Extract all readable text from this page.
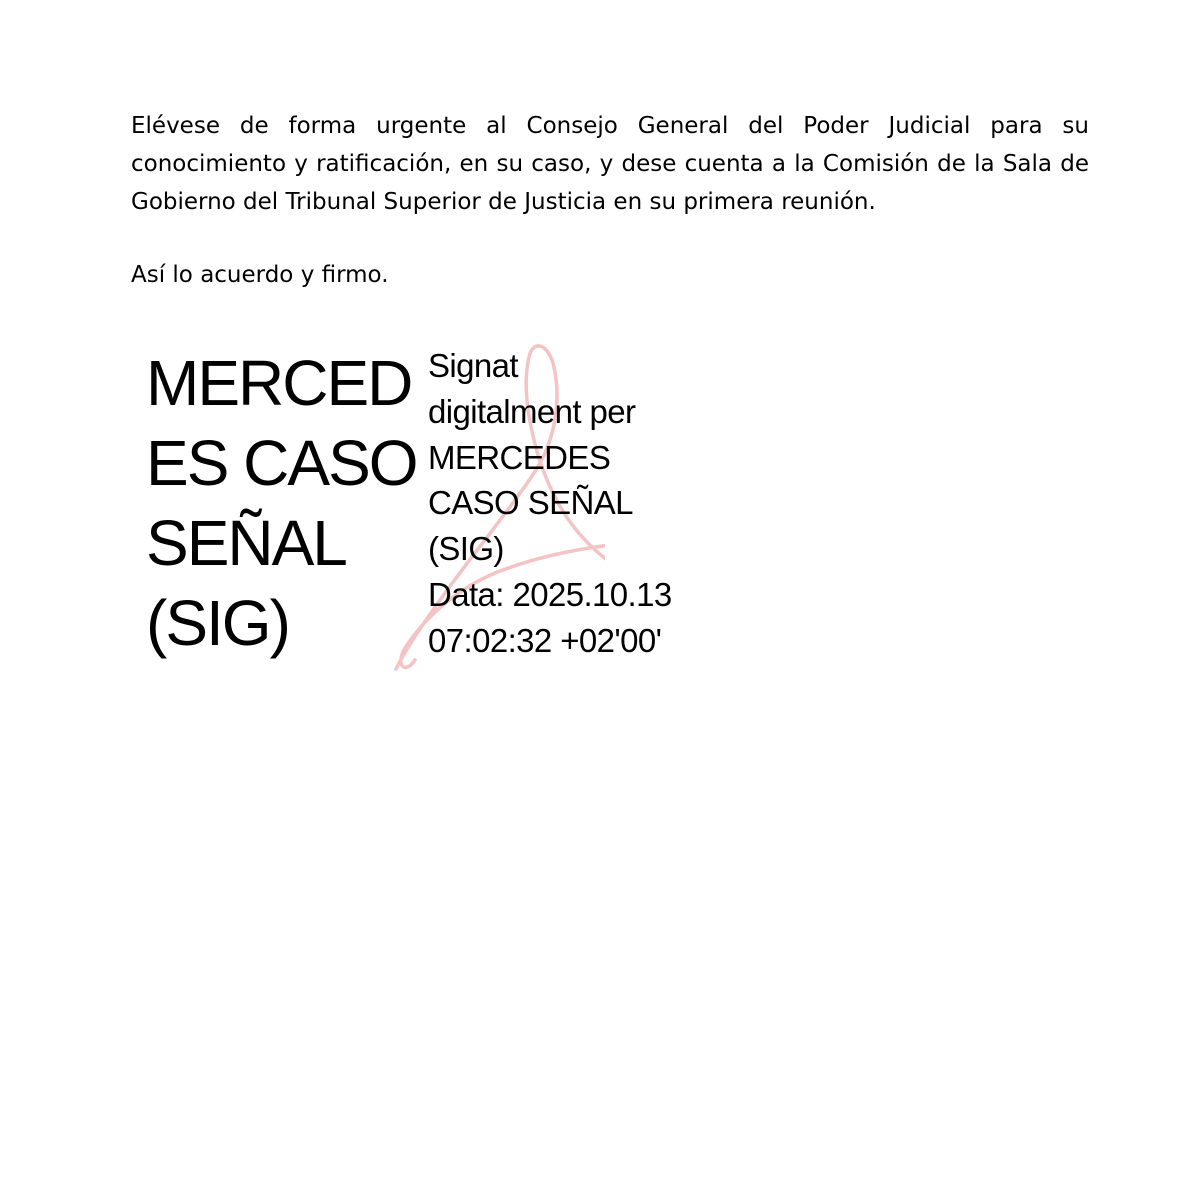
Elévese de forma urgente al Consejo General del Poder Judicial para su conocimiento y ratificación, en su caso, y dese cuenta a la Comisión de la Sala de Gobierno del Tribunal Superior de Justicia en su primera reunión.

Así lo acuerdo y firmo.

MERCED
ES CASO
SEÑAL
(SIG)
Signat
digitalment per
MERCEDES
CASO SEÑAL
(SIG)
Data: 2025.10.13
07:02:32 +02'00'
